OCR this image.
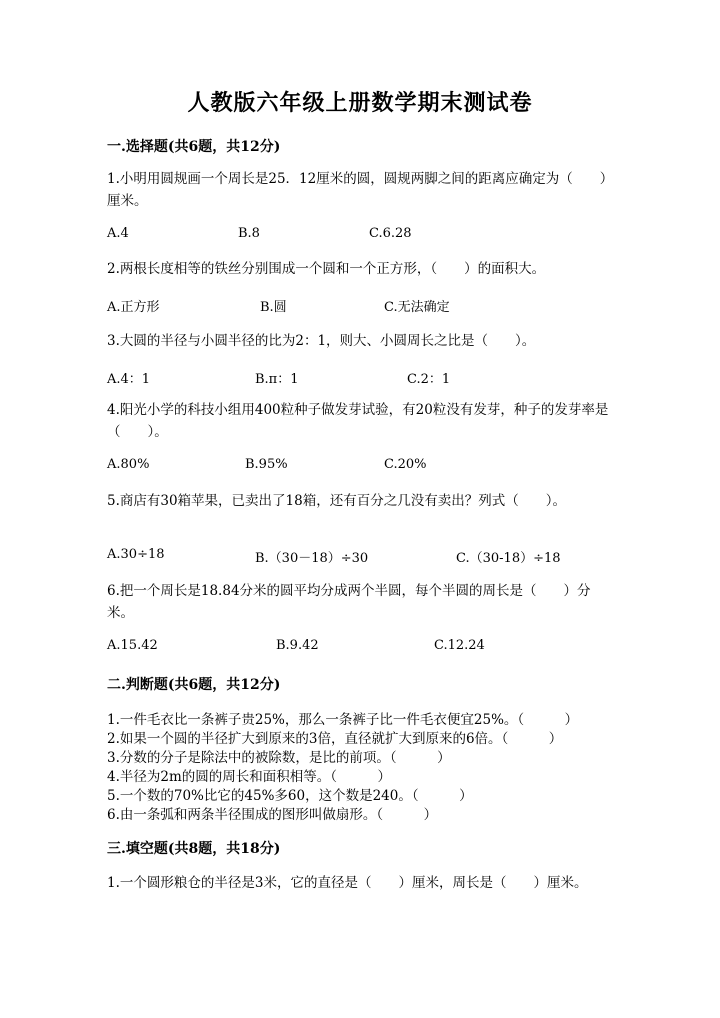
人教版六年级上册数学期末测试卷
一.选择题(共6题，共12分)
1.小明用圆规画一个周长是25．12厘米的圆，圆规两脚之间的距离应确定为（　　）厘米。
A.4	B.8	C.6.28
2.两根长度相等的铁丝分别围成一个圆和一个正方形，（　　）的面积大。
A.正方形	B.圆	C.无法确定
3.大圆的半径与小圆半径的比为2：1，则大、小圆周长之比是（　　）。
A.4：1	B.π：1	C.2：1
4.阳光小学的科技小组用400粒种子做发芽试验，有20粒没有发芽，种子的发芽率是（　　）。
A.80%	B.95%	C.20%
5.商店有30箱苹果，已卖出了18箱，还有百分之几没有卖出？列式（　　）。
A.30÷18	B.（30－18）÷30	C.（30-18）÷18
6.把一个周长是18.84分米的圆平均分成两个半圆，每个半圆的周长是（　　）分米。
A.15.42	B.9.42	C.12.24
二.判断题(共6题，共12分)
1.一件毛衣比一条裤子贵25%，那么一条裤子比一件毛衣便宜25%。（　　　）
2.如果一个圆的半径扩大到原来的3倍，直径就扩大到原来的6倍。（　　　）
3.分数的分子是除法中的被除数，是比的前项。（　　　）
4.半径为2m的圆的周长和面积相等。（　　　）
5.一个数的70%比它的45%多60，这个数是240。（　　　）
6.由一条弧和两条半径围成的图形叫做扇形。（　　　）
三.填空题(共8题，共18分)
1.一个圆形粮仓的半径是3米，它的直径是（　　）厘米，周长是（　　）厘米。
